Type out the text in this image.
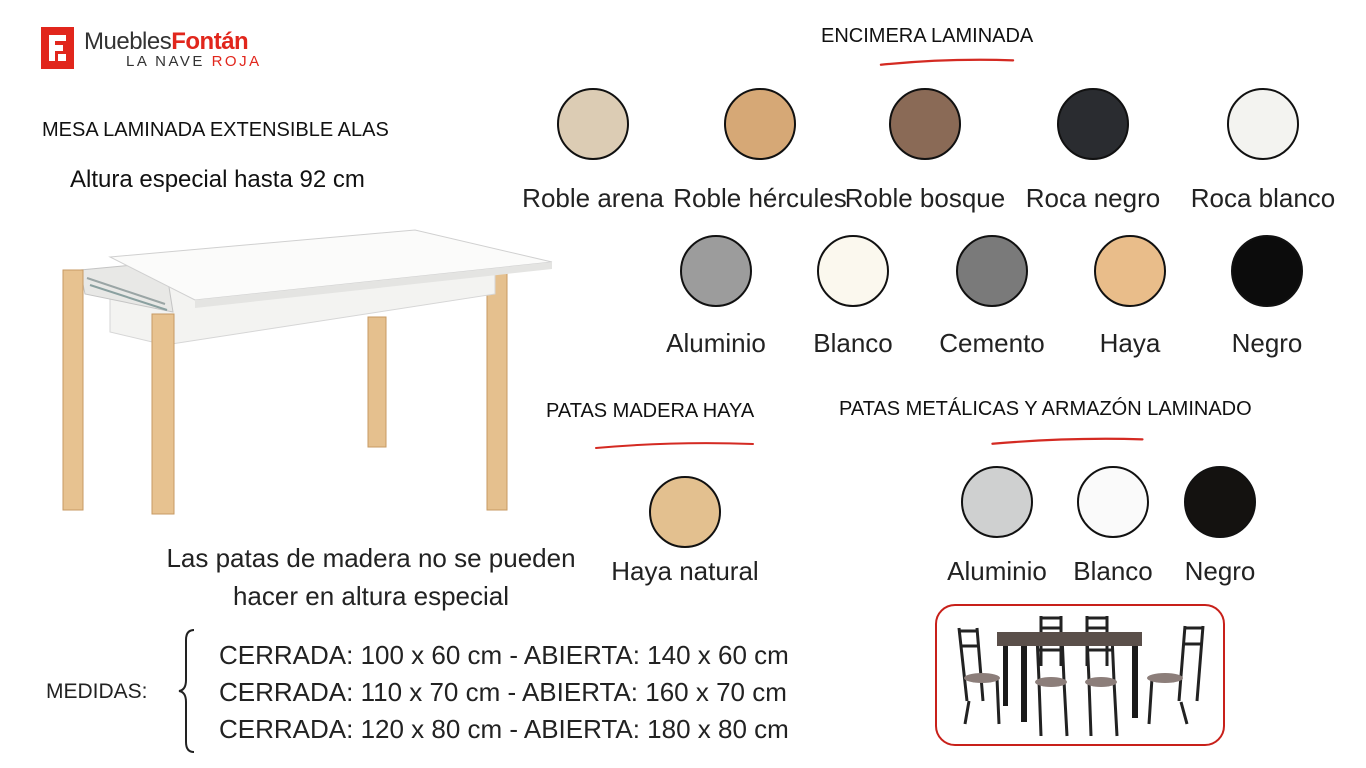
MueblesFontán
LA NAVE ROJA
MESA LAMINADA EXTENSIBLE ALAS
Altura especial hasta 92 cm
Las patas de madera no se pueden hacer en altura especial
ENCIMERA LAMINADA
Roble arena Roble hércules
Roble bosque Roca negro	Roca blanco
Aluminio	Blanco	Cemento	Haya	Negro
PATAS MADERA HAYA
Haya natural
PATAS METÁLICAS Y ARMAZÓN LAMINADO
Aluminio	Blanco	Negro
MEDIDAS:
CERRADA: 100 x 60 cm - ABIERTA: 140 x 60 cm
CERRADA: 110 x 70 cm - ABIERTA: 160 x 70 cm
CERRADA: 120 x 80 cm - ABIERTA: 180 x 80 cm
